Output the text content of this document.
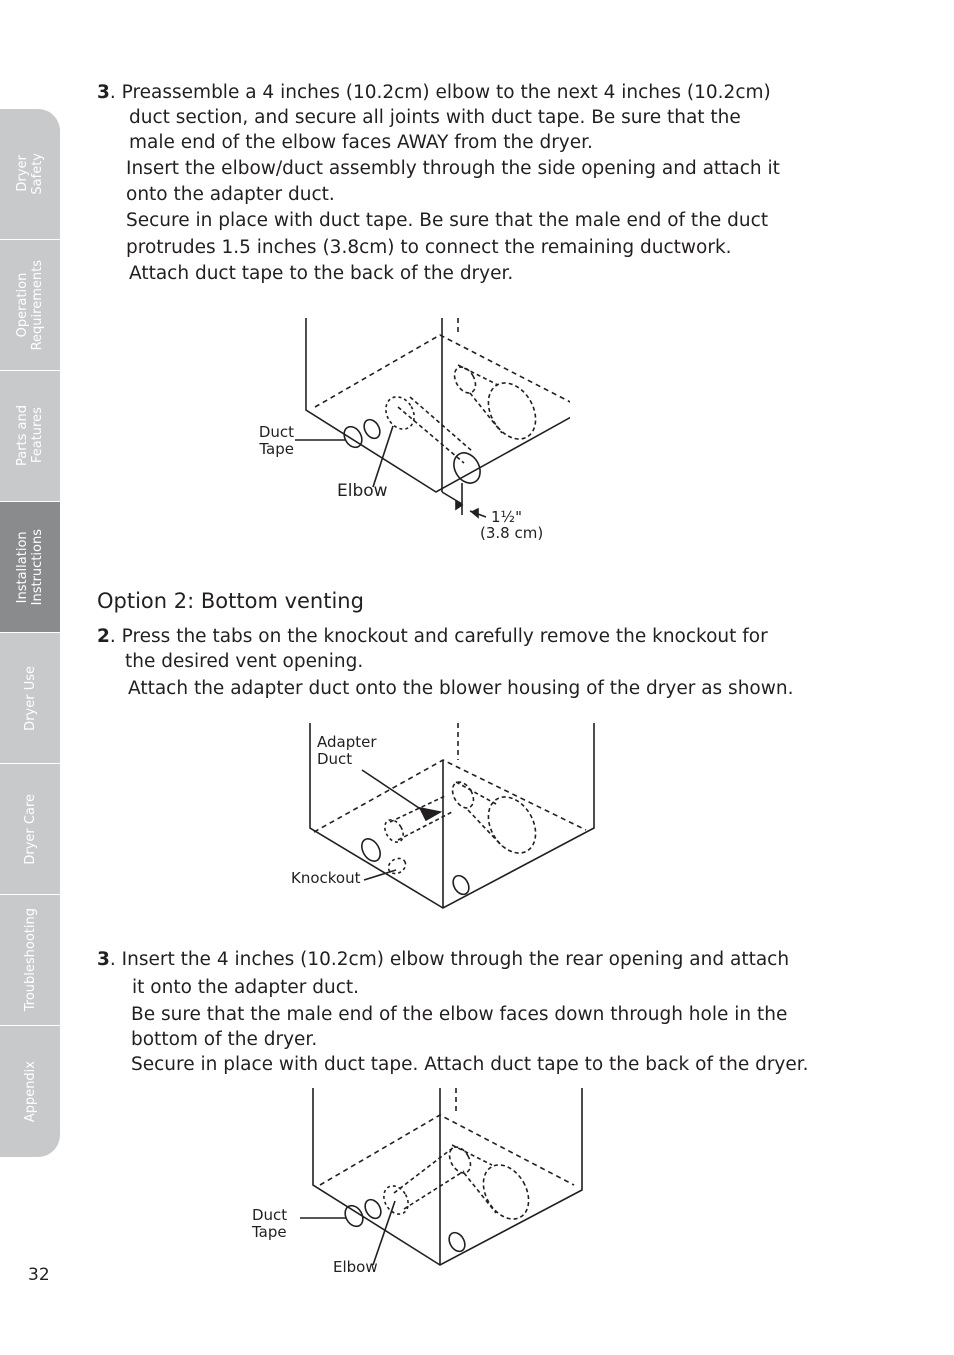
Dryer
Safety
Operation
Requirements
Parts and
Features
Installation
Instructions
Dryer Use
Dryer Care
Troubleshooting
Appendix
3. Preassemble a 4 inches (10.2cm) elbow to the next 4 inches (10.2cm)
duct section, and secure all joints with duct tape. Be sure that the
male end of the elbow faces AWAY from the dryer.
Insert the elbow/duct assembly through the side opening and attach it
onto the adapter duct.
Secure in place with duct tape. Be sure that the male end of the duct
protrudes 1.5 inches (3.8cm) to connect the remaining ductwork.
Attach duct tape to the back of the dryer.
Duct
Tape
Elbow
1½"
(3.8 cm)
Option 2: Bottom venting
2. Press the tabs on the knockout and carefully remove the knockout for
the desired vent opening.
Attach the adapter duct onto the blower housing of the dryer as shown.
Adapter
Duct
Knockout
3. Insert the 4 inches (10.2cm) elbow through the rear opening and attach
it onto the adapter duct.
Be sure that the male end of the elbow faces down through hole in the
bottom of the dryer.
Secure in place with duct tape. Attach duct tape to the back of the dryer.
Duct
Tape
Elbow
32
